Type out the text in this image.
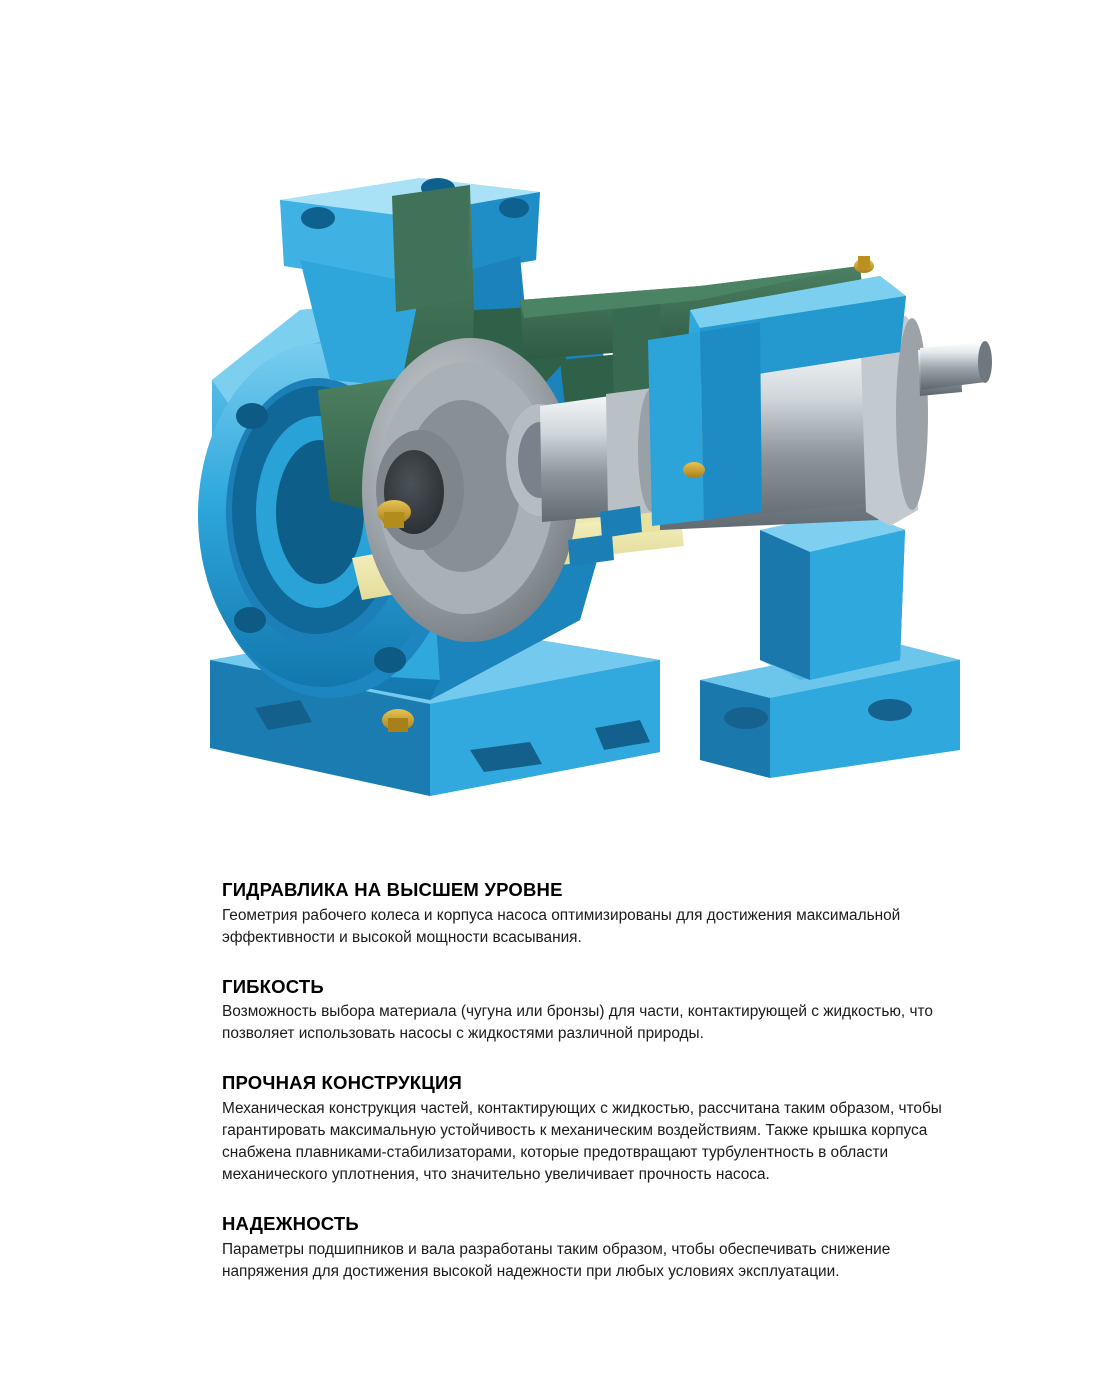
ГИДРАВЛИКА НА ВЫСШЕМ УРОВНЕ

Геометрия рабочего колеса и корпуса насоса оптимизированы для достижения максимальной эффективности и высокой мощности всасывания.

ГИБКОСТЬ

Возможность выбора материала (чугуна или бронзы) для части, контактирующей с жидкостью, что позволяет использовать насосы с жидкостями различной природы.

ПРОЧНАЯ КОНСТРУКЦИЯ

Механическая конструкция частей, контактирующих с жидкостью, рассчитана таким образом, чтобы гарантировать максимальную устойчивость к механическим воздействиям. Также крышка корпуса снабжена плавниками-стабилизаторами, которые предотвращают турбулентность в области механического уплотнения, что значительно увеличивает прочность насоса.

НАДЕЖНОСТЬ

Параметры подшипников и вала разработаны таким образом, чтобы обеспечивать снижение напряжения для достижения высокой надежности при любых условиях эксплуатации.
